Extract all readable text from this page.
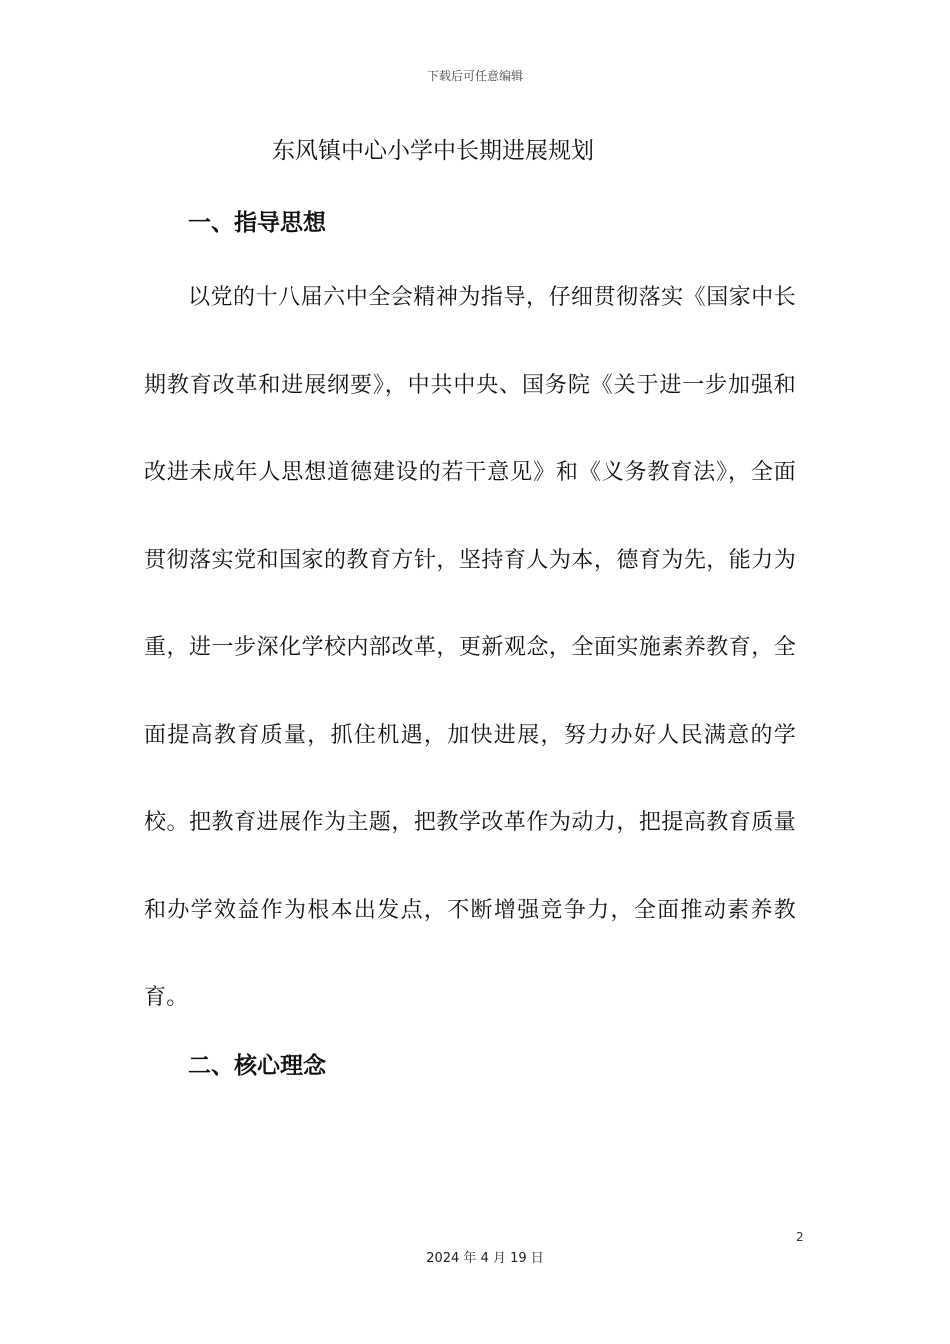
下载后可任意编辑
东风镇中心小学中长期进展规划
一、指导思想

以党的十八届六中全会精神为指导，仔细贯彻落实《国家中长期教育改革和进展纲要》，中共中央、国务院《关于进一步加强和改进未成年人思想道德建设的若干意见》和《义务教育法》，全面贯彻落实党和国家的教育方针，坚持育人为本，德育为先，能力为重，进一步深化学校内部改革，更新观念，全面实施素养教育，全面提高教育质量，抓住机遇，加快进展，努力办好人民满意的学校。把教育进展作为主题，把教学改革作为动力，把提高教育质量和办学效益作为根本出发点，不断增强竞争力，全面推动素养教育。

二、核心理念
2
2024 年 4 月 19 日
